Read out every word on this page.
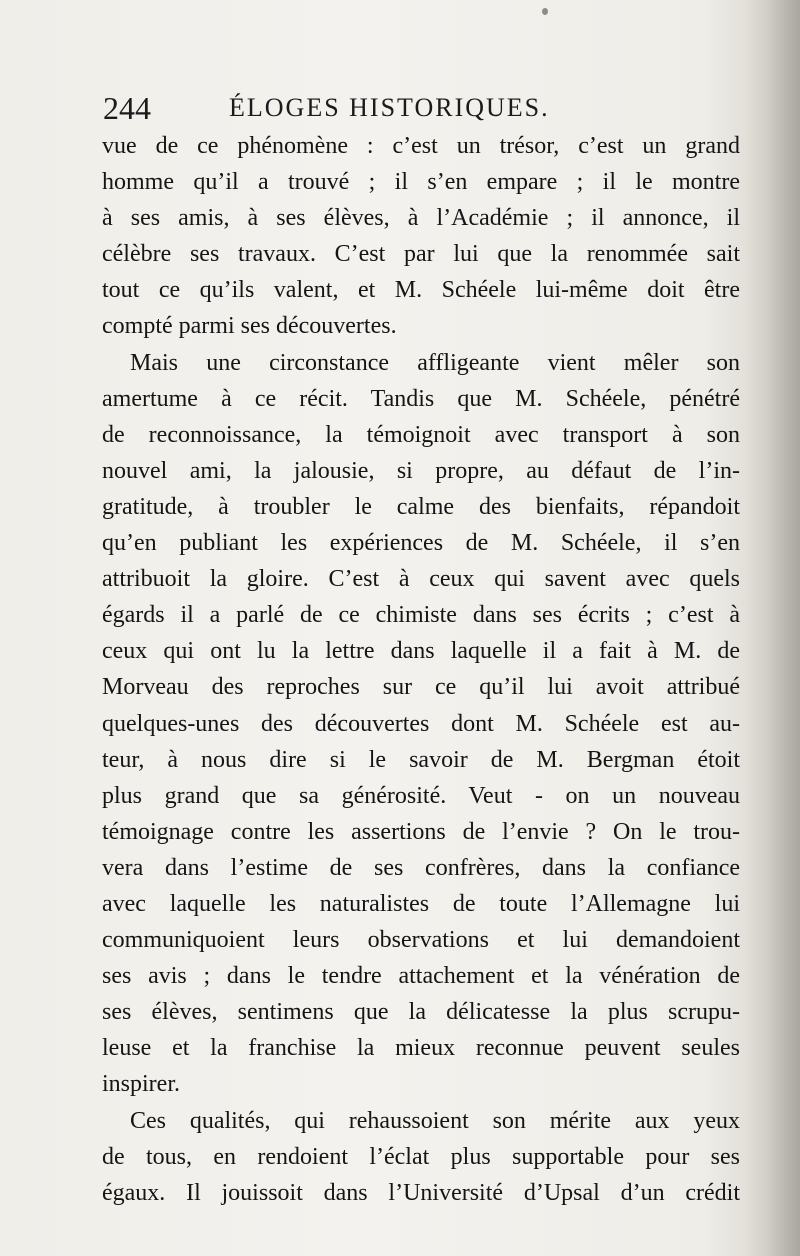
244	ÉLOGES HISTORIQUES.
vue de ce phénomène : c’est un trésor, c’est un grand
homme qu’il a trouvé ; il s’en empare ; il le montre
à ses amis, à ses élèves, à l’Académie ; il annonce, il
célèbre ses travaux. C’est par lui que la renommée sait
tout ce qu’ils valent, et M. Schéele lui-même doit être
compté parmi ses découvertes.
Mais une circonstance affligeante vient mêler son
amertume à ce récit. Tandis que M. Schéele, pénétré
de reconnoissance, la témoignoit avec transport à son
nouvel ami, la jalousie, si propre, au défaut de l’in-
gratitude, à troubler le calme des bienfaits, répandoit
qu’en publiant les expériences de M. Schéele, il s’en
attribuoit la gloire. C’est à ceux qui savent avec quels
égards il a parlé de ce chimiste dans ses écrits ; c’est à
ceux qui ont lu la lettre dans laquelle il a fait à M. de
Morveau des reproches sur ce qu’il lui avoit attribué
quelques-unes des découvertes dont M. Schéele est au-
teur, à nous dire si le savoir de M. Bergman étoit
plus grand que sa générosité. Veut - on un nouveau
témoignage contre les assertions de l’envie ? On le trou-
vera dans l’estime de ses confrères, dans la confiance
avec laquelle les naturalistes de toute l’Allemagne lui
communiquoient leurs observations et lui demandoient
ses avis ; dans le tendre attachement et la vénération de
ses élèves, sentimens que la délicatesse la plus scrupu-
leuse et la franchise la mieux reconnue peuvent seules
inspirer.
Ces qualités, qui rehaussoient son mérite aux yeux
de tous, en rendoient l’éclat plus supportable pour ses
égaux. Il jouissoit dans l’Université d’Upsal d’un crédit
